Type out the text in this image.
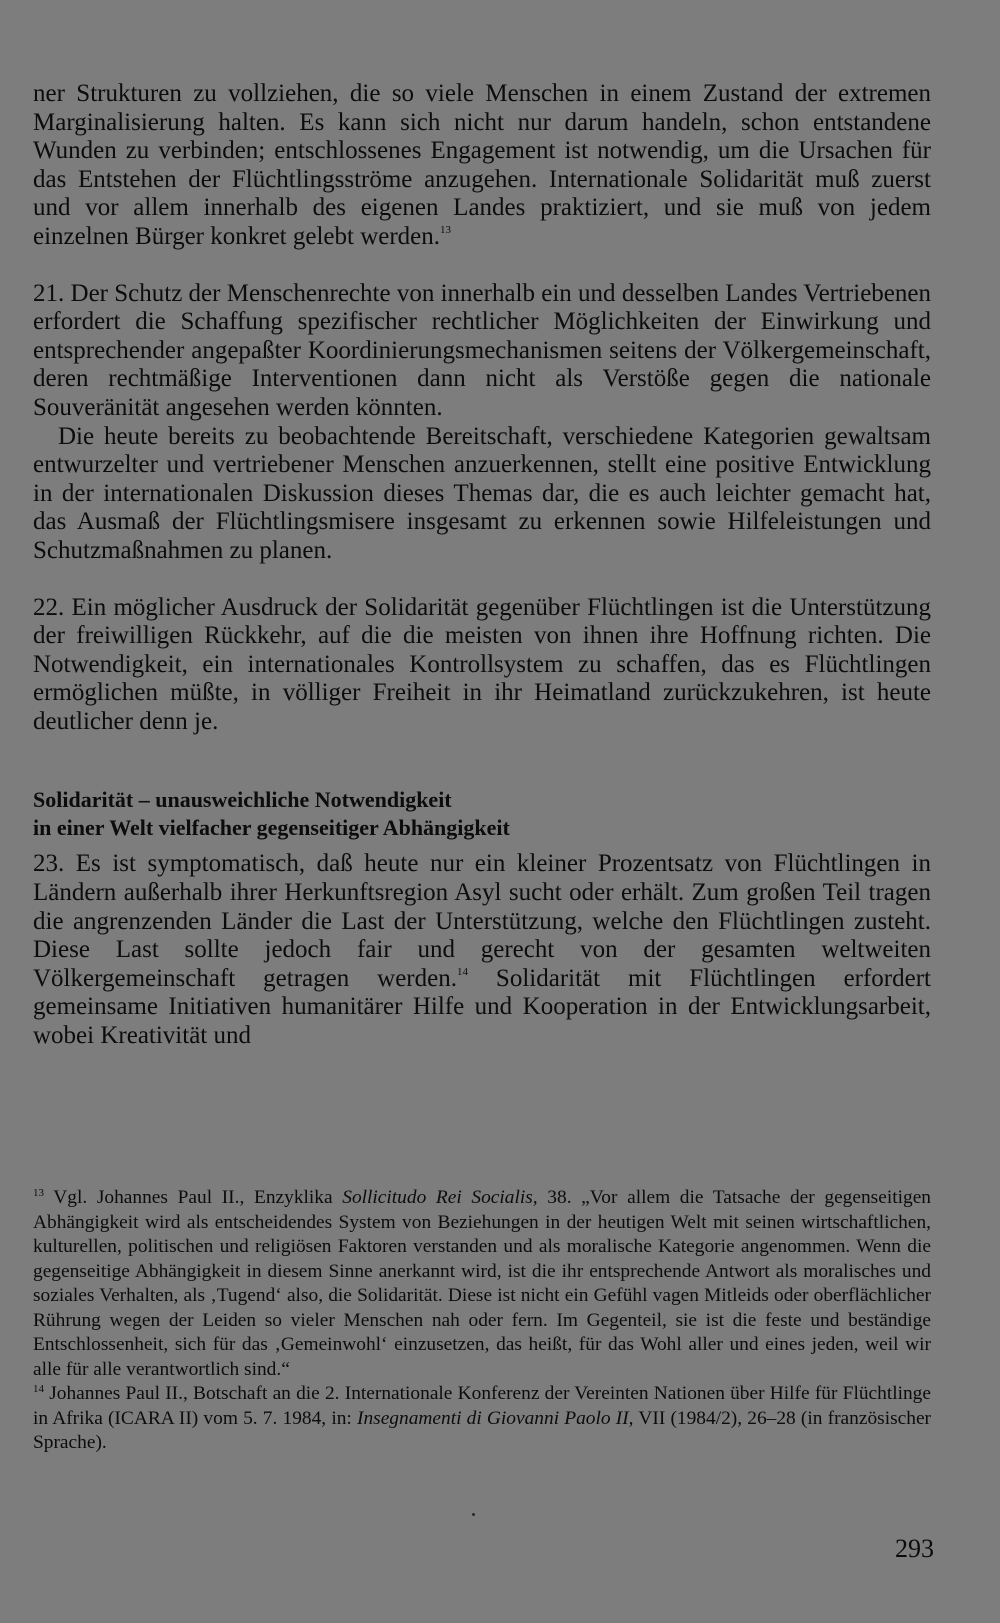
ner Strukturen zu vollziehen, die so viele Menschen in einem Zustand der extremen Marginalisierung halten. Es kann sich nicht nur darum handeln, schon entstandene Wunden zu verbinden; entschlossenes Engagement ist notwendig, um die Ursachen für das Entstehen der Flüchtlingsströme anzugehen. Internationale Solidarität muß zuerst und vor allem innerhalb des eigenen Landes praktiziert, und sie muß von jedem einzelnen Bürger konkret gelebt werden.$^{13}$

21. Der Schutz der Menschenrechte von innerhalb ein und desselben Landes Vertriebenen erfordert die Schaffung spezifischer rechtlicher Möglichkeiten der Einwirkung und entsprechender angepaßter Koordinierungsmechanismen seitens der Völkergemeinschaft, deren rechtmäßige Interventionen dann nicht als Verstöße gegen die nationale Souveränität angesehen werden könnten.

Die heute bereits zu beobachtende Bereitschaft, verschiedene Kategorien gewaltsam entwurzelter und vertriebener Menschen anzuerkennen, stellt eine positive Entwicklung in der internationalen Diskussion dieses Themas dar, die es auch leichter gemacht hat, das Ausmaß der Flüchtlingsmisere insgesamt zu erkennen sowie Hilfeleistungen und Schutzmaßnahmen zu planen.

22. Ein möglicher Ausdruck der Solidarität gegenüber Flüchtlingen ist die Unterstützung der freiwilligen Rückkehr, auf die die meisten von ihnen ihre Hoffnung richten. Die Notwendigkeit, ein internationales Kontrollsystem zu schaffen, das es Flüchtlingen ermöglichen müßte, in völliger Freiheit in ihr Heimatland zurückzukehren, ist heute deutlicher denn je.

Solidarität – unausweichliche Notwendigkeit
in einer Welt vielfacher gegenseitiger Abhängigkeit

23. Es ist symptomatisch, daß heute nur ein kleiner Prozentsatz von Flüchtlingen in Ländern außerhalb ihrer Herkunftsregion Asyl sucht oder erhält. Zum großen Teil tragen die angrenzenden Länder die Last der Unterstützung, welche den Flüchtlingen zusteht. Diese Last sollte jedoch fair und gerecht von der gesamten weltweiten Völkergemeinschaft getragen werden.$^{14}$ Solidarität mit Flüchtlingen erfordert gemeinsame Initiativen humanitärer Hilfe und Kooperation in der Entwicklungsarbeit, wobei Kreativität und

$^{13}$ Vgl. Johannes Paul II., Enzyklika Sollicitudo Rei Socialis, 38. „Vor allem die Tatsache der gegenseitigen Abhängigkeit wird als entscheidendes System von Beziehungen in der heutigen Welt mit seinen wirtschaftlichen, kulturellen, politischen und religiösen Faktoren verstanden und als moralische Kategorie angenommen. Wenn die gegenseitige Abhängigkeit in diesem Sinne anerkannt wird, ist die ihr entsprechende Antwort als moralisches und soziales Verhalten, als ‚Tugend‘ also, die Solidarität. Diese ist nicht ein Gefühl vagen Mitleids oder oberflächlicher Rührung wegen der Leiden so vieler Menschen nah oder fern. Im Gegenteil, sie ist die feste und beständige Entschlossenheit, sich für das ‚Gemeinwohl‘ einzusetzen, das heißt, für das Wohl aller und eines jeden, weil wir alle für alle verantwortlich sind.“

$^{14}$ Johannes Paul II., Botschaft an die 2. Internationale Konferenz der Vereinten Nationen über Hilfe für Flüchtlinge in Afrika (ICARA II) vom 5. 7. 1984, in: Insegnamenti di Giovanni Paolo II, VII (1984/2), 26–28 (in französischer Sprache).

293
